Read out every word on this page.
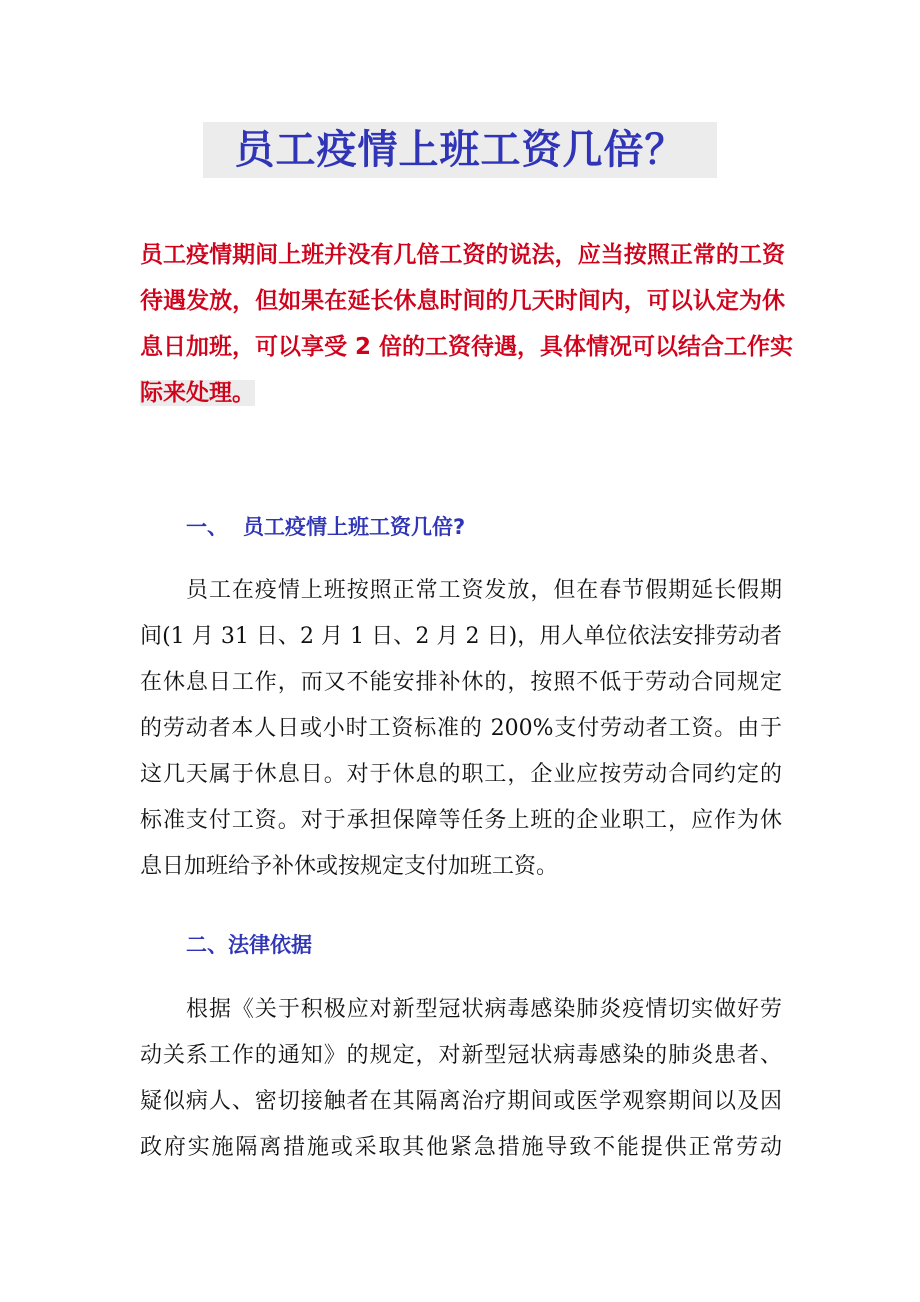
员工疫情上班工资几倍？
员工疫情期间上班并没有几倍工资的说法，应当按照正常的工资
待遇发放，但如果在延长休息时间的几天时间内，可以认定为休
息日加班，可以享受 2 倍的工资待遇，具体情况可以结合工作实
际来处理。
一、 员工疫情上班工资几倍?
员工在疫情上班按照正常工资发放，但在春节假期延长假期
间(1 月 31 日、2 月 1 日、2 月 2 日)，用人单位依法安排劳动者
在休息日工作，而又不能安排补休的，按照不低于劳动合同规定
的劳动者本人日或小时工资标准的 200%支付劳动者工资。由于
这几天属于休息日。对于休息的职工，企业应按劳动合同约定的
标准支付工资。对于承担保障等任务上班的企业职工，应作为休
息日加班给予补休或按规定支付加班工资。
二、法律依据
根据《关于积极应对新型冠状病毒感染肺炎疫情切实做好劳
动关系工作的通知》的规定，对新型冠状病毒感染的肺炎患者、
疑似病人、密切接触者在其隔离治疗期间或医学观察期间以及因
政府实施隔离措施或采取其他紧急措施导致不能提供正常劳动
